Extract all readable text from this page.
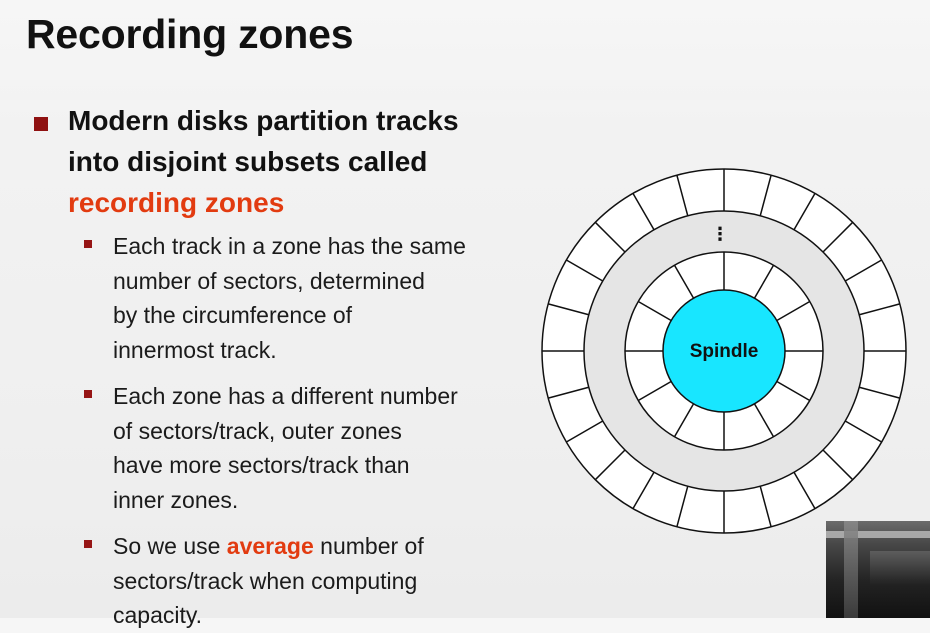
Recording zones
Modern disks partition tracks
into disjoint subsets called
recording zones
Each track in a zone has the same
number of sectors, determined
by the circumference of
innermost track.
Each zone has a different number
of sectors/track, outer zones
have more sectors/track than
inner zones.
So we use average number of
sectors/track when computing
capacity.
Spindle
⋮
